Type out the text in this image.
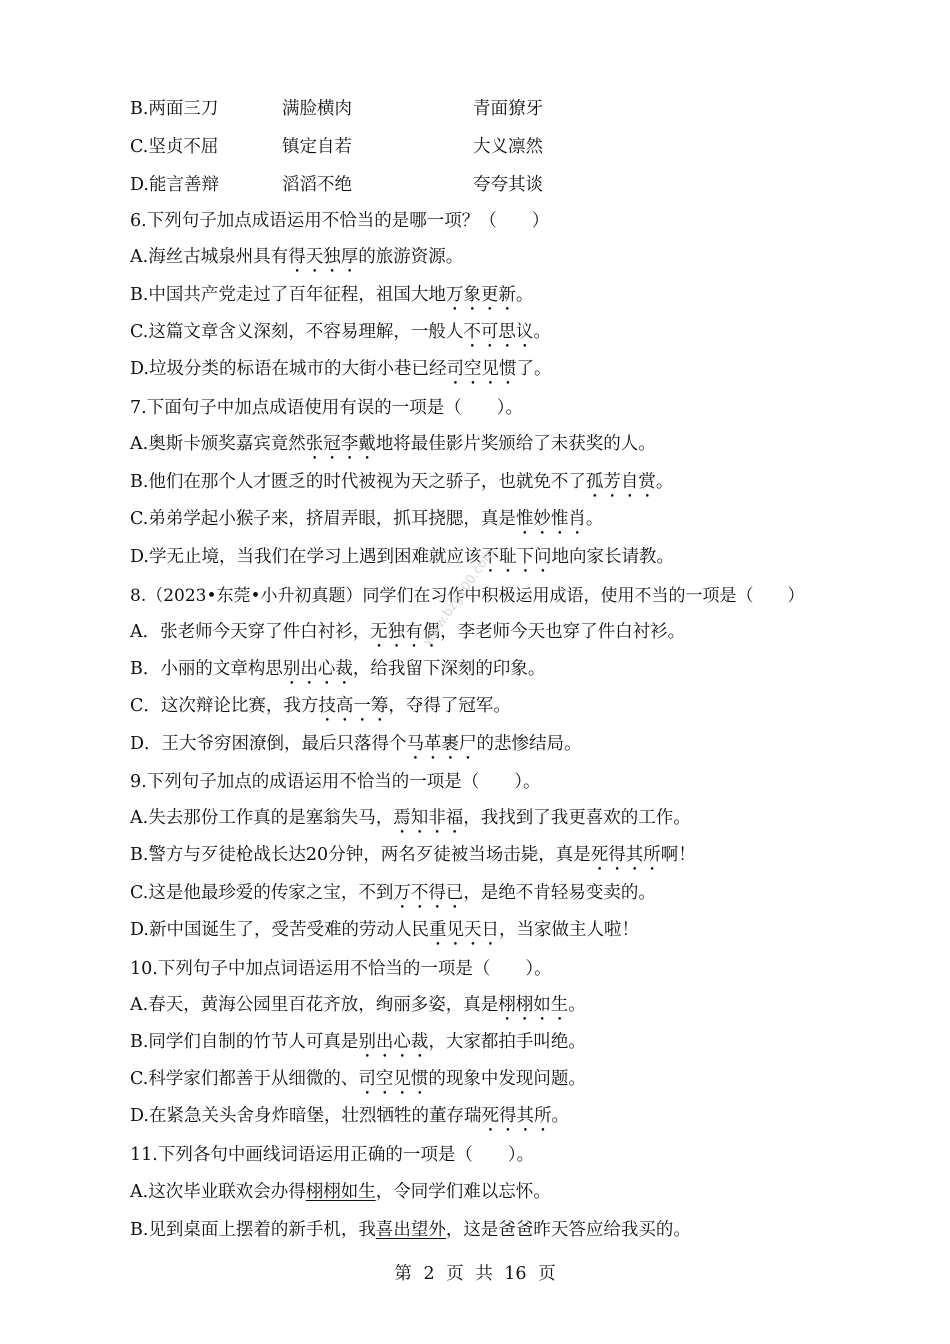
B.两面三刀	满脸横肉	青面獠牙
C.坚贞不屈	镇定自若	大义凛然
D.能言善辩	滔滔不绝	夸夸其谈
6.下列句子加点成语运用不恰当的是哪一项？（　　）
A.海丝古城泉州具有得天独厚的旅游资源。
B.中国共产党走过了百年征程，祖国大地万象更新。
C.这篇文章含义深刻，不容易理解，一般人不可思议。
D.垃圾分类的标语在城市的大街小巷已经司空见惯了。
7.下面句子中加点成语使用有误的一项是（　　）。
A.奥斯卡颁奖嘉宾竟然张冠李戴地将最佳影片奖颁给了未获奖的人。
B.他们在那个人才匮乏的时代被视为天之骄子，也就免不了孤芳自赏。
C.弟弟学起小猴子来，挤眉弄眼，抓耳挠腮，真是惟妙惟肖。
D.学无止境，当我们在学习上遇到困难就应该不耻下问地向家长请教。
8.（2023•东莞•小升初真题）同学们在习作中积极运用成语，使用不当的一项是（　　）
A．张老师今天穿了件白衬衫，无独有偶，李老师今天也穿了件白衬衫。
B．小丽的文章构思别出心裁，给我留下深刻的印象。
C．这次辩论比赛，我方技高一筹，夺得了冠军。
D．王大爷穷困潦倒，最后只落得个马革裹尸的悲惨结局。
9.下列句子加点的成语运用不恰当的一项是（　　）。
A.失去那份工作真的是塞翁失马，焉知非福，我找到了我更喜欢的工作。
B.警方与歹徒枪战长达20分钟，两名歹徒被当场击毙，真是死得其所啊！
C.这是他最珍爱的传家之宝，不到万不得已，是绝不肯轻易变卖的。
D.新中国诞生了，受苦受难的劳动人民重见天日，当家做主人啦！
10.下列句子中加点词语运用不恰当的一项是（　　）。
A.春天，黄海公园里百花齐放，绚丽多姿，真是栩栩如生。
B.同学们自制的竹节人可真是别出心裁，大家都拍手叫绝。
C.科学家们都善于从细微的、司空见惯的现象中发现问题。
D.在紧急关头舍身炸暗堡，壮烈牺牲的董存瑞死得其所。
11.下列各句中画线词语运用正确的一项是（　　）。
A.这次毕业联欢会办得栩栩如生，令同学们难以忘怀。
B.见到桌面上摆着的新手机，我喜出望外，这是爸爸昨天答应给我买的。
www.bzg100.com
第 2 页 共 16 页
